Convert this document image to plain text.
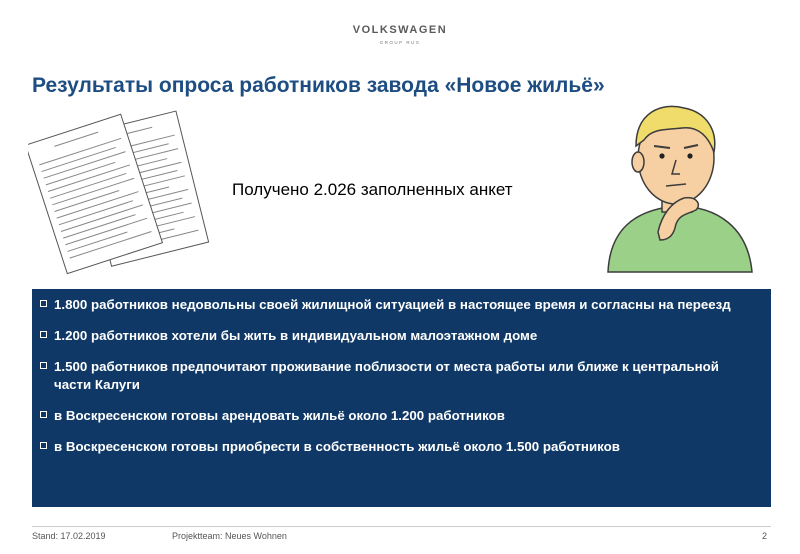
VOLKSWAGEN
GROUP RUS
Результаты опроса работников завода «Новое жильё»
Получено 2.026 заполненных анкет
1.800 работников недовольны своей жилищной ситуацией в настоящее время и согласны на переезд
1.200 работников хотели бы жить в индивидуальном малоэтажном доме
1.500 работников предпочитают проживание поблизости от места работы или ближе к центральной части Калуги
в Воскресенском готовы арендовать жильё около 1.200 работников
в Воскресенском готовы приобрести в собственность жильё около 1.500 работников
Stand: 17.02.2019	Projektteam: Neues Wohnen	2
